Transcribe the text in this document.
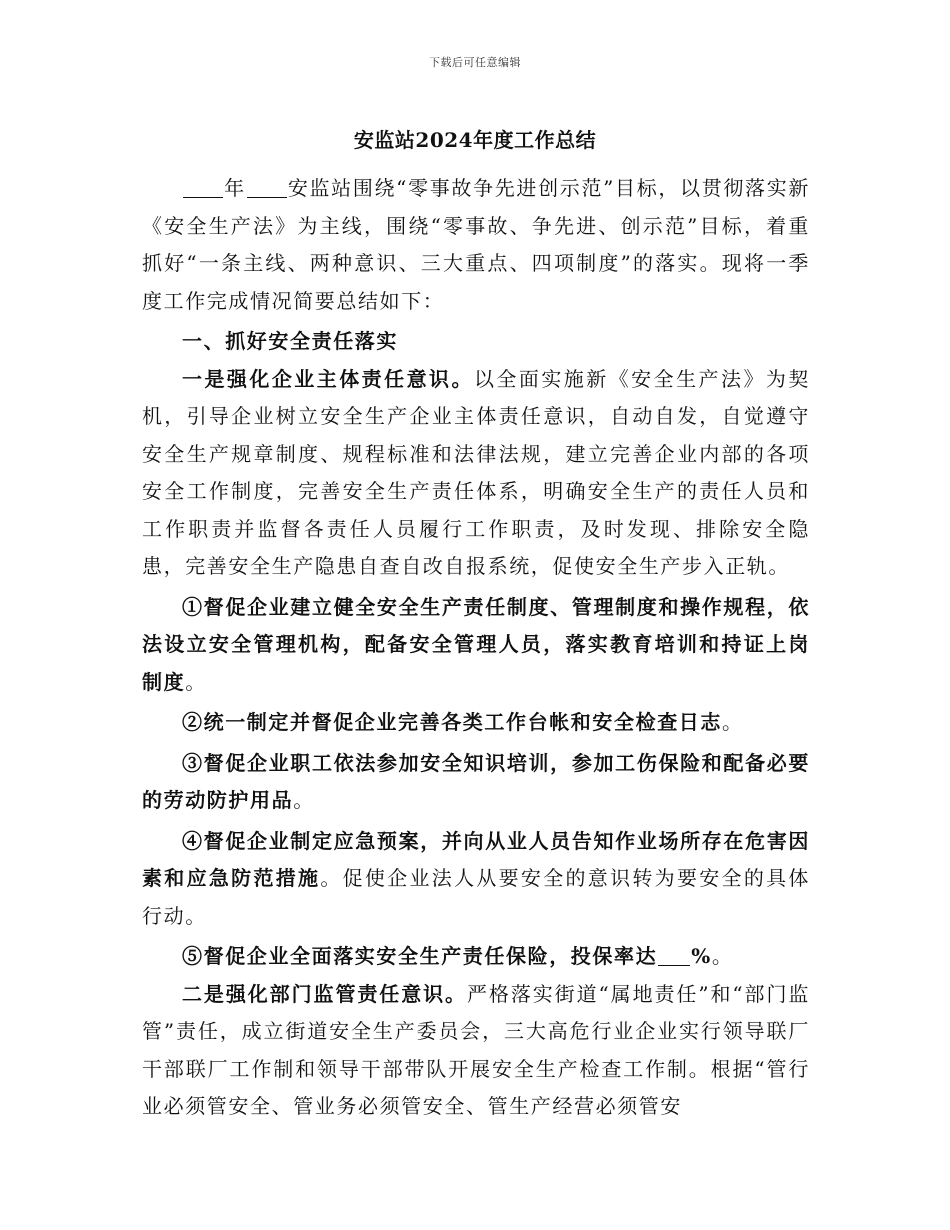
下载后可任意编辑
安监站2024年度工作总结

年 安监站围绕“零事故争先进创示范”目标，以贯彻落实新《安全生产法》为主线，围绕“零事故、争先进、创示范”目标，着重抓好“一条主线、两种意识、三大重点、四项制度”的落实。现将一季度工作完成情况简要总结如下：

一、抓好安全责任落实

一是强化企业主体责任意识。以全面实施新《安全生产法》为契机，引导企业树立安全生产企业主体责任意识，自动自发，自觉遵守安全生产规章制度、规程标准和法律法规，建立完善企业内部的各项安全工作制度，完善安全生产责任体系，明确安全生产的责任人员和工作职责并监督各责任人员履行工作职责，及时发现、排除安全隐患，完善安全生产隐患自查自改自报系统，促使安全生产步入正轨。

①督促企业建立健全安全生产责任制度、管理制度和操作规程，依法设立安全管理机构，配备安全管理人员，落实教育培训和持证上岗制度。

②统一制定并督促企业完善各类工作台帐和安全检查日志。

③督促企业职工依法参加安全知识培训，参加工伤保险和配备必要的劳动防护用品。

④督促企业制定应急预案，并向从业人员告知作业场所存在危害因素和应急防范措施。促使企业法人从要安全的意识转为要安全的具体行动。

⑤督促企业全面落实安全生产责任保险，投保率达 %。

二是强化部门监管责任意识。严格落实街道“属地责任”和“部门监管”责任，成立街道安全生产委员会，三大高危行业企业实行领导联厂干部联厂工作制和领导干部带队开展安全生产检查工作制。根据“管行业必须管安全、管业务必须管安全、管生产经营必须管安
